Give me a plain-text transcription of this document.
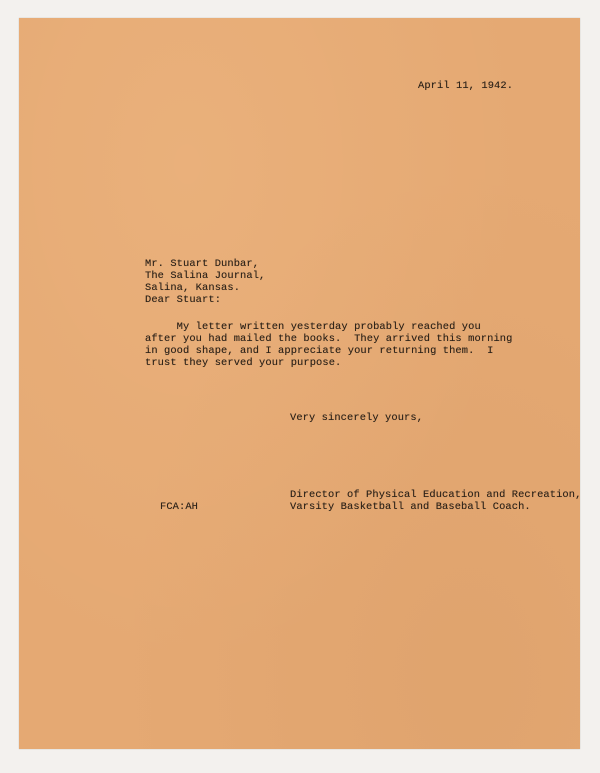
April 11, 1942.
Mr. Stuart Dunbar,
The Salina Journal,
Salina, Kansas.
Dear Stuart:
My letter written yesterday probably reached you
after you had mailed the books.  They arrived this morning
in good shape, and I appreciate your returning them.  I
trust they served your purpose.
Very sincerely yours,
Director of Physical Education and Recreation,
Varsity Basketball and Baseball Coach.
FCA:AH
